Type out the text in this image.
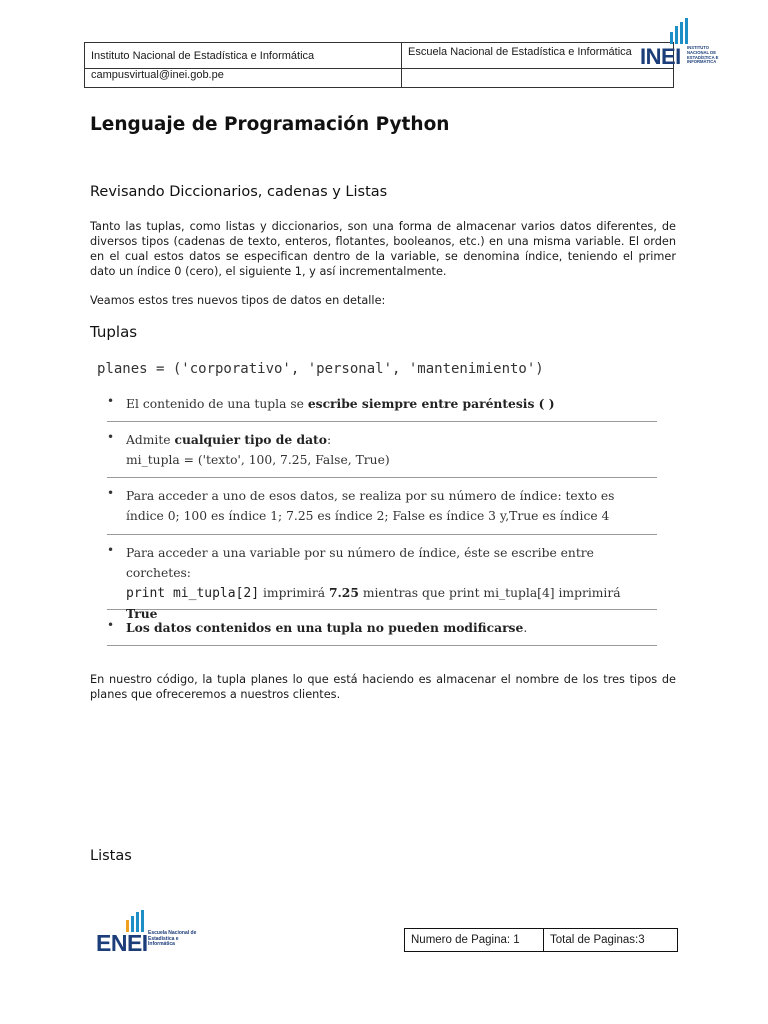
Instituto Nacional de Estadística e Informática	Escuela Nacional de Estadística e Informática
campusvirtual@inei.gob.pe	
INEI INSTITUTO NACIONAL DE ESTADÍSTICA E INFORMÁTICA
Lenguaje de Programación Python
Revisando Diccionarios, cadenas y Listas
Tanto las tuplas, como listas y diccionarios, son una forma de almacenar varios datos diferentes, de diversos tipos (cadenas de texto, enteros, flotantes, booleanos, etc.) en una misma variable. El orden en el cual estos datos se especifican dentro de la variable, se denomina índice, teniendo el primer dato un índice 0 (cero), el siguiente 1, y así incrementalmente.
Veamos estos tres nuevos tipos de datos en detalle:
Tuplas
planes = ('corporativo', 'personal', 'mantenimiento')
• El contenido de una tupla se escribe siempre entre paréntesis ( )
• Admite cualquier tipo de dato:
mi_tupla = ('texto', 100, 7.25, False, True)
• Para acceder a uno de esos datos, se realiza por su número de índice: texto es índice 0; 100 es índice 1; 7.25 es índice 2; False es índice 3 y,True es índice 4
• Para acceder a una variable por su número de índice, éste se escribe entre corchetes:
print mi_tupla[2] imprimirá 7.25 mientras que print mi_tupla[4] imprimirá
True
• Los datos contenidos en una tupla no pueden modificarse.
En nuestro código, la tupla planes lo que está haciendo es almacenar el nombre de los tres tipos de planes que ofreceremos a nuestros clientes.
Listas
ENEI Escuela Nacional de Estadística e Informática	Numero de Pagina: 1	Total de Paginas:3
